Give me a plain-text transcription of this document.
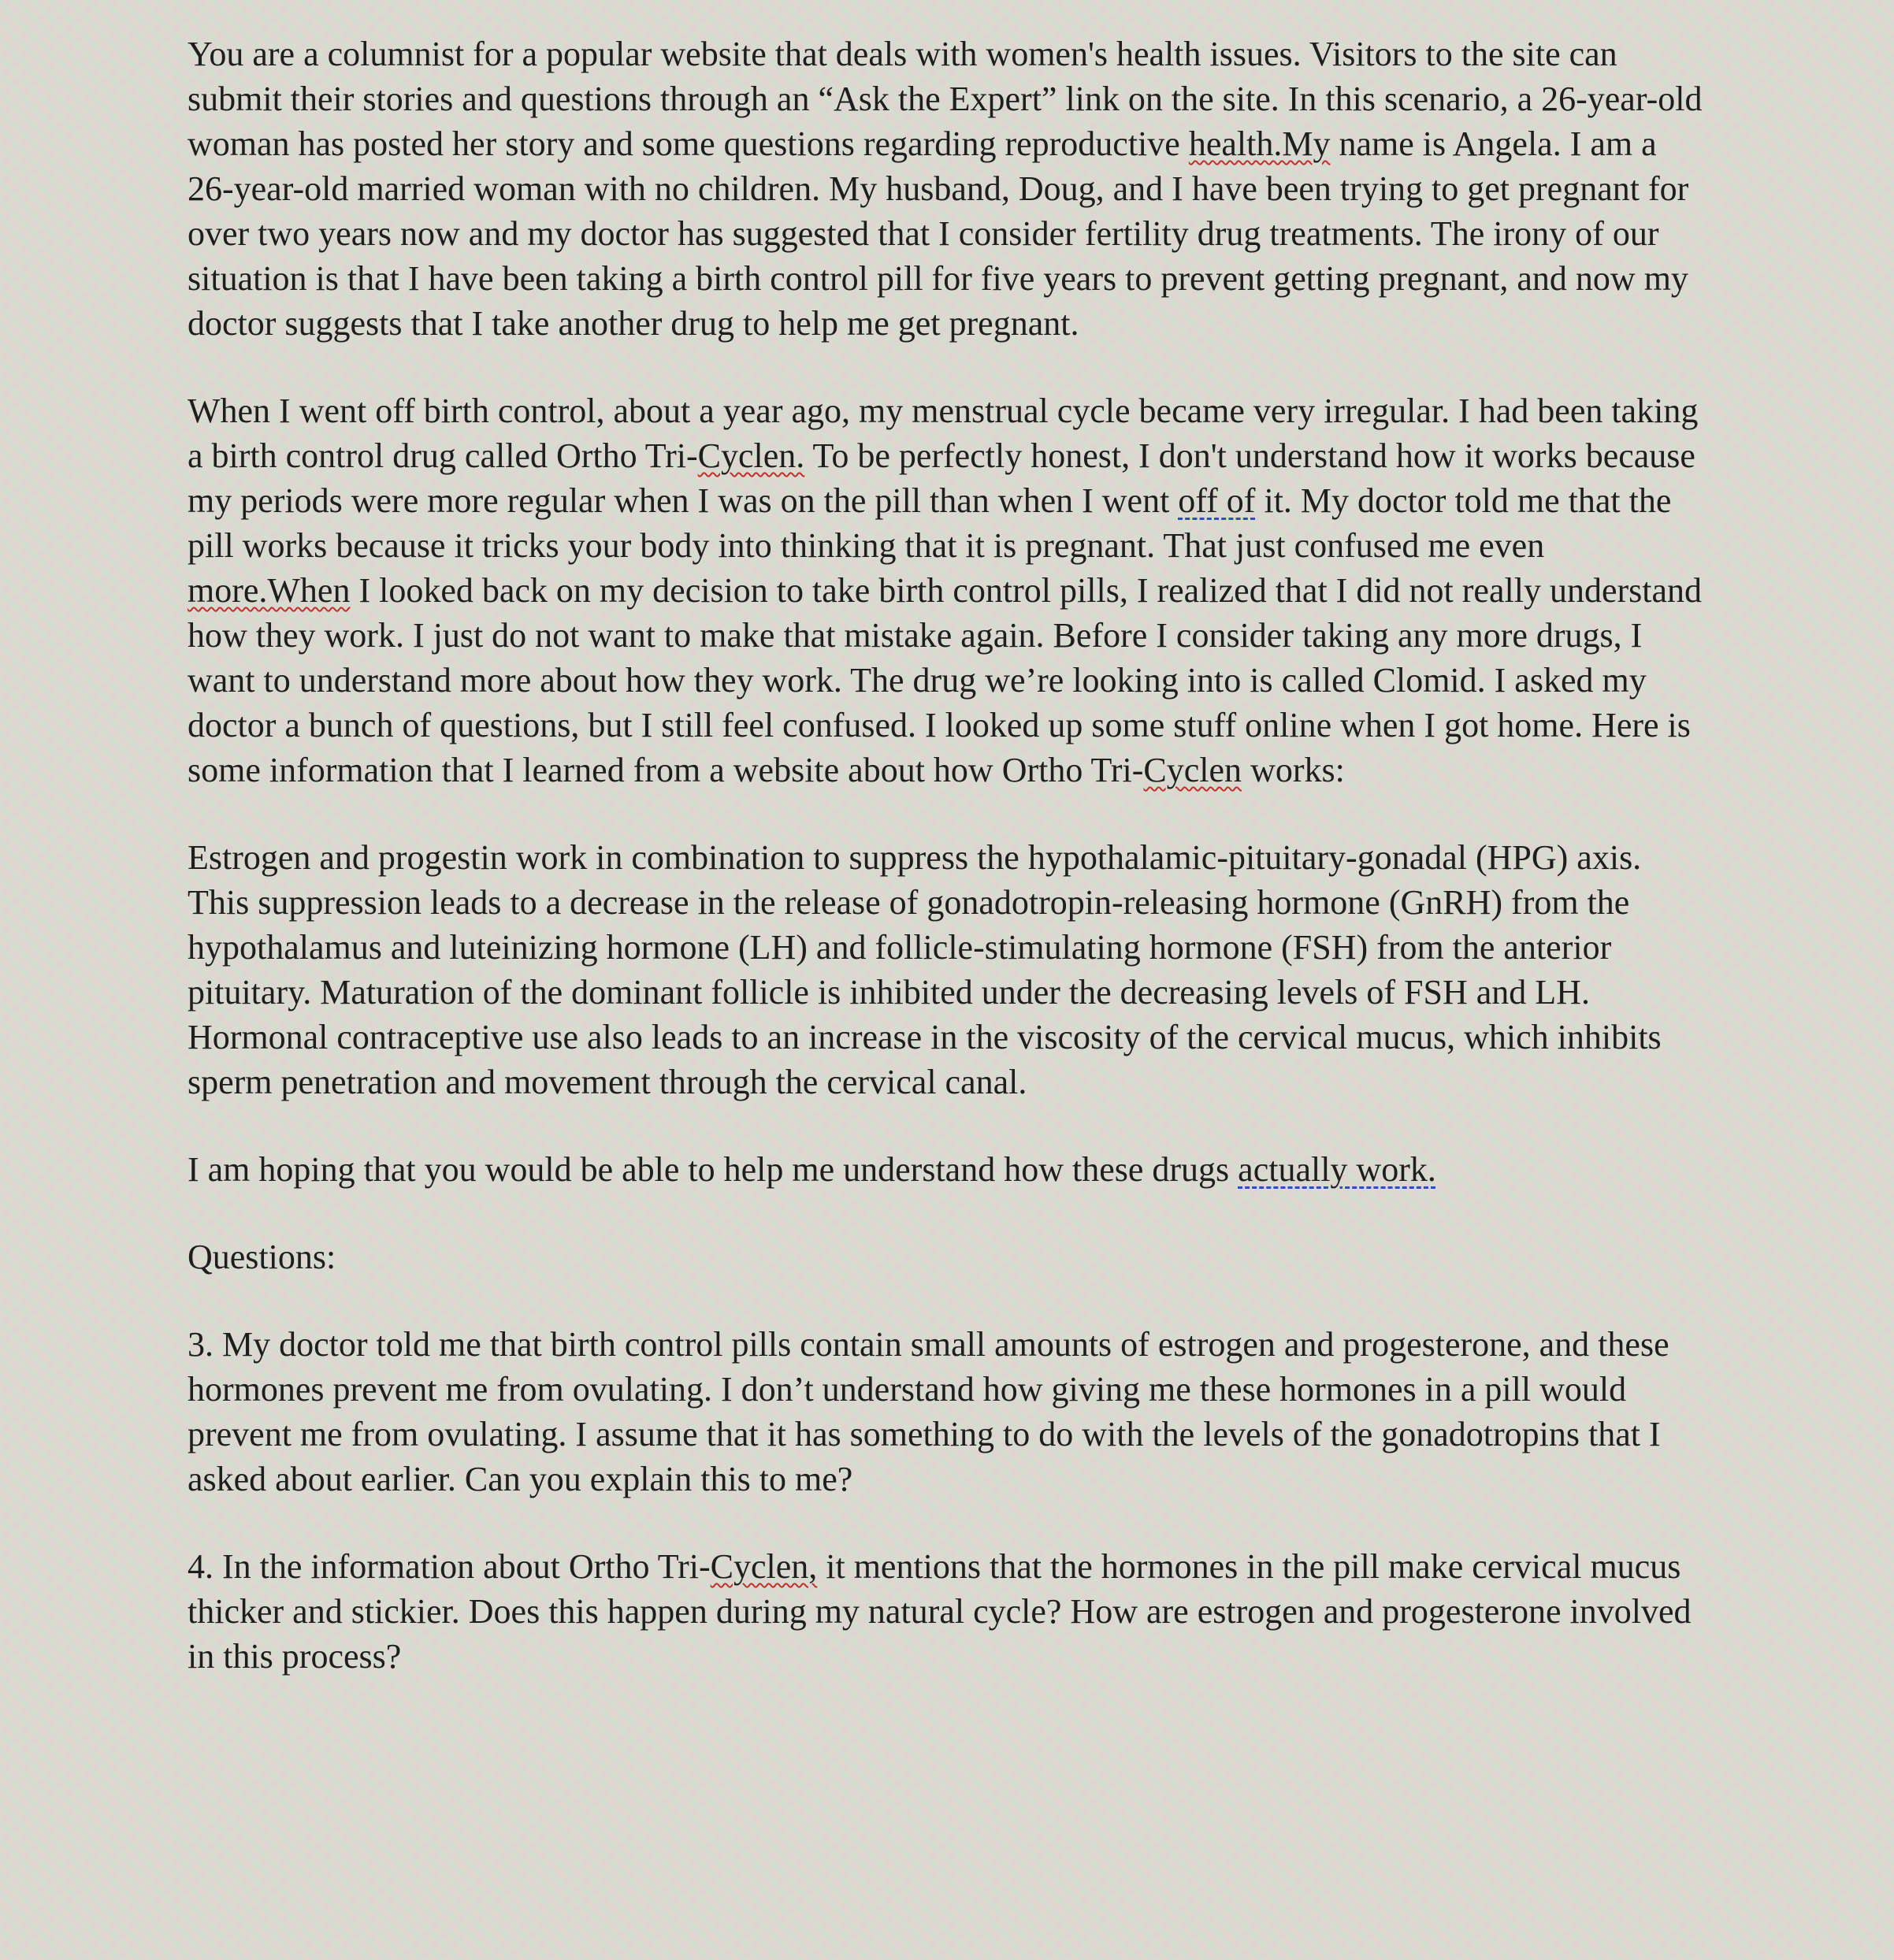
You are a columnist for a popular website that deals with women's health issues. Visitors to the site can submit their stories and questions through an “Ask the Expert” link on the site. In this scenario, a 26-year-old woman has posted her story and some questions regarding reproductive health.My name is Angela. I am a 26-year-old married woman with no children. My husband, Doug, and I have been trying to get pregnant for over two years now and my doctor has suggested that I consider fertility drug treatments. The irony of our situation is that I have been taking a birth control pill for five years to prevent getting pregnant, and now my doctor suggests that I take another drug to help me get pregnant.

When I went off birth control, about a year ago, my menstrual cycle became very irregular. I had been taking a birth control drug called Ortho Tri-Cyclen. To be perfectly honest, I don't understand how it works because my periods were more regular when I was on the pill than when I went off of it. My doctor told me that the pill works because it tricks your body into thinking that it is pregnant. That just confused me even more.When I looked back on my decision to take birth control pills, I realized that I did not really understand how they work. I just do not want to make that mistake again. Before I consider taking any more drugs, I want to understand more about how they work. The drug we’re looking into is called Clomid. I asked my doctor a bunch of questions, but I still feel confused. I looked up some stuff online when I got home. Here is some information that I learned from a website about how Ortho Tri-Cyclen works:

Estrogen and progestin work in combination to suppress the hypothalamic-pituitary-gonadal (HPG) axis. This suppression leads to a decrease in the release of gonadotropin-releasing hormone (GnRH) from the hypothalamus and luteinizing hormone (LH) and follicle-stimulating hormone (FSH) from the anterior pituitary. Maturation of the dominant follicle is inhibited under the decreasing levels of FSH and LH. Hormonal contraceptive use also leads to an increase in the viscosity of the cervical mucus, which inhibits sperm penetration and movement through the cervical canal.

I am hoping that you would be able to help me understand how these drugs actually work.

Questions:

3. My doctor told me that birth control pills contain small amounts of estrogen and progesterone, and these hormones prevent me from ovulating. I don’t understand how giving me these hormones in a pill would prevent me from ovulating. I assume that it has something to do with the levels of the gonadotropins that I asked about earlier. Can you explain this to me?

4. In the information about Ortho Tri-Cyclen, it mentions that the hormones in the pill make cervical mucus thicker and stickier. Does this happen during my natural cycle? How are estrogen and progesterone involved in this process?
